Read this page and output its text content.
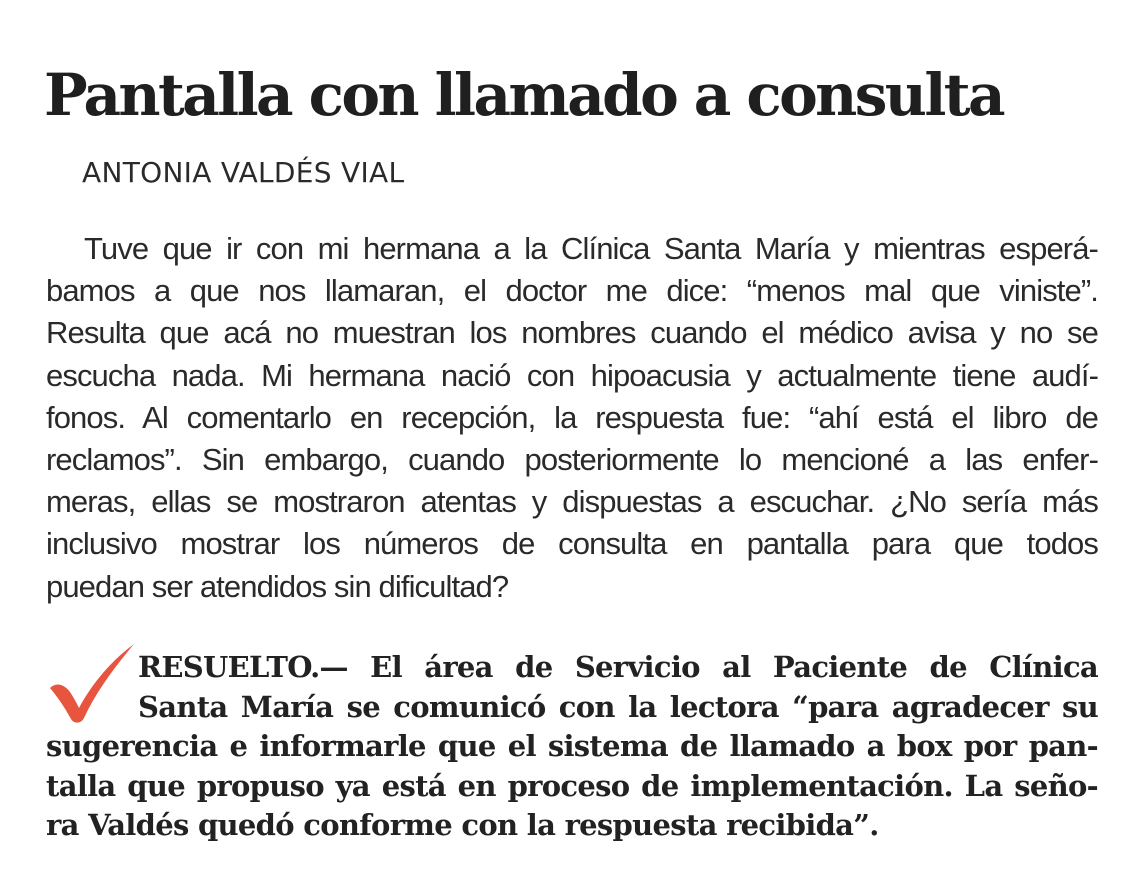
Pantalla con llamado a consulta
ANTONIA VALDÉS VIAL
Tuve que ir con mi hermana a la Clínica Santa María y mientras esperá-
bamos a que nos llamaran, el doctor me dice: “menos mal que viniste”.
Resulta que acá no muestran los nombres cuando el médico avisa y no se
escucha nada. Mi hermana nació con hipoacusia y actualmente tiene audí-
fonos. Al comentarlo en recepción, la respuesta fue: “ahí está el libro de
reclamos”. Sin embargo, cuando posteriormente lo mencioné a las enfer-
meras, ellas se mostraron atentas y dispuestas a escuchar. ¿No sería más
inclusivo mostrar los números de consulta en pantalla para que todos
puedan ser atendidos sin dificultad?
RESUELTO.— El área de Servicio al Paciente de Clínica
Santa María se comunicó con la lectora “para agradecer su
sugerencia e informarle que el sistema de llamado a box por pan-
talla que propuso ya está en proceso de implementación. La seño-
ra Valdés quedó conforme con la respuesta recibida”.
